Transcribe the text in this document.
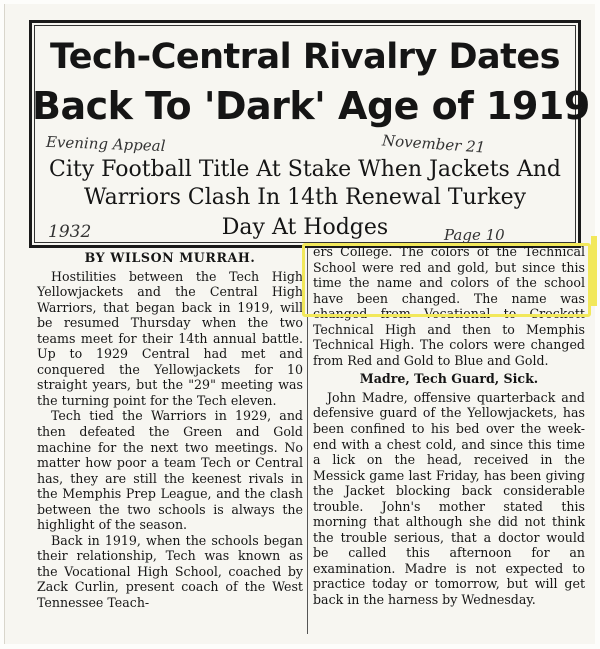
Tech-Central Rivalry Dates
Back To 'Dark' Age of 1919
Evening Appeal	November 21
City Football Title At Stake When Jackets And
Warriors Clash In 14th Renewal Turkey
Day At Hodges
1932	Page 10
BY WILSON MURRAH.

Hostilities between the Tech High Yellowjackets and the Central High Warriors, that began back in 1919, will be resumed Thursday when the two teams meet for their 14th annual battle. Up to 1929 Central had met and conquered the Yellowjackets for 10 straight years, but the "29" meeting was the turning point for the Tech eleven.

Tech tied the Warriors in 1929, and then defeated the Green and Gold machine for the next two meetings. No matter how poor a team Tech or Central has, they are still the keenest rivals in the Memphis Prep League, and the clash between the two schools is always the highlight of the season.

Back in 1919, when the schools began their relationship, Tech was known as the Vocational High School, coached by Zack Curlin, present coach of the West Tennessee Teach-

ers College. The colors of the Technical School were red and gold, but since this time the name and colors of the school have been changed. The name was changed from Vocational to Crockett Technical High and then to Memphis Technical High. The colors were changed from Red and Gold to Blue and Gold.

Madre, Tech Guard, Sick.

John Madre, offensive quarterback and defensive guard of the Yellowjackets, has been confined to his bed over the week-end with a chest cold, and since this time a lick on the head, received in the Messick game last Friday, has been giving the Jacket blocking back considerable trouble. John's mother stated this morning that although she did not think the trouble serious, that a doctor would be called this afternoon for an examination. Madre is not expected to practice today or tomorrow, but will get back in the harness by Wednesday.
